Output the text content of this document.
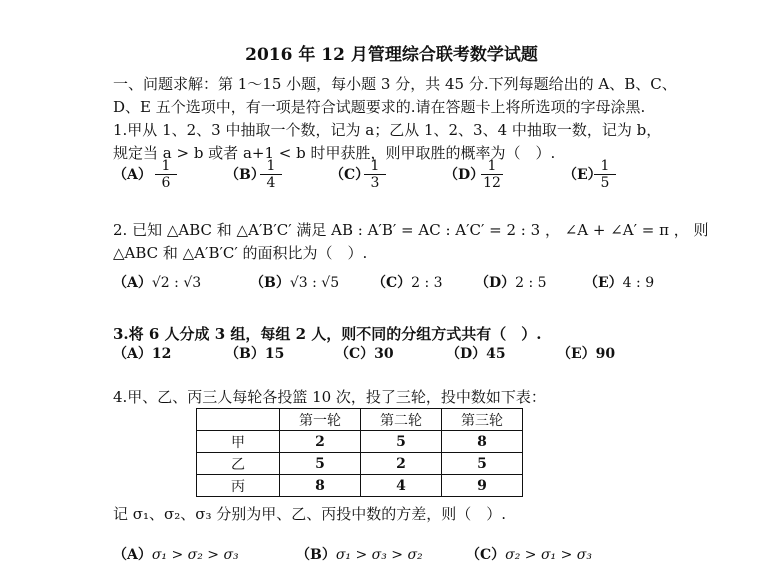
2016 年 12 月管理综合联考数学试题
一、问题求解：第 1～15 小题，每小题 3 分，共 45 分.下列每题给出的 A、B、C、
D、E 五个选项中，有一项是符合试题要求的.请在答题卡上将所选项的字母涂黑.
1.甲从 1、2、3 中抽取一个数，记为 a；乙从 1、2、3、4 中抽取一数，记为 b，
规定当 a > b 或者 a+1 < b 时甲获胜，则甲取胜的概率为（　）.
$(A) \frac{1}{6}$	（B）
$\frac{1}{4}$	（C）
$\frac{1}{3}$	（D）
$\frac{1}{12}$	（E）
$\frac{1}{5}$
2. 已知 △ABC 和 △A′B′C′ 满足 AB : A′B′ = AC : A′C′ = 2 : 3 ， ∠A + ∠A′ = π ， 则
△ABC 和 △A′B′C′ 的面积比为（　）.
（A）√2 : √3	（B）√3 : √5 （C）2 : 3 （D）2 : 5	（E）4 : 9
3.将 6 人分成 3 组，每组 2 人，则不同的分组方式共有（　）.
（A）12	（B）15	（C）30	（D）45	（E）90
4.甲、乙、丙三人每轮各投篮 10 次，投了三轮，投中数如下表：
	第一轮	第二轮	第三轮
甲	2	5	8
乙	5	2	5
丙	8	4	9
记 σ₁、σ₂、σ₃ 分别为甲、乙、丙投中数的方差，则（　）.
（A）σ₁ > σ₂ > σ₃	（B）σ₁ > σ₃ > σ₂	（C）σ₂ > σ₁ > σ₃
